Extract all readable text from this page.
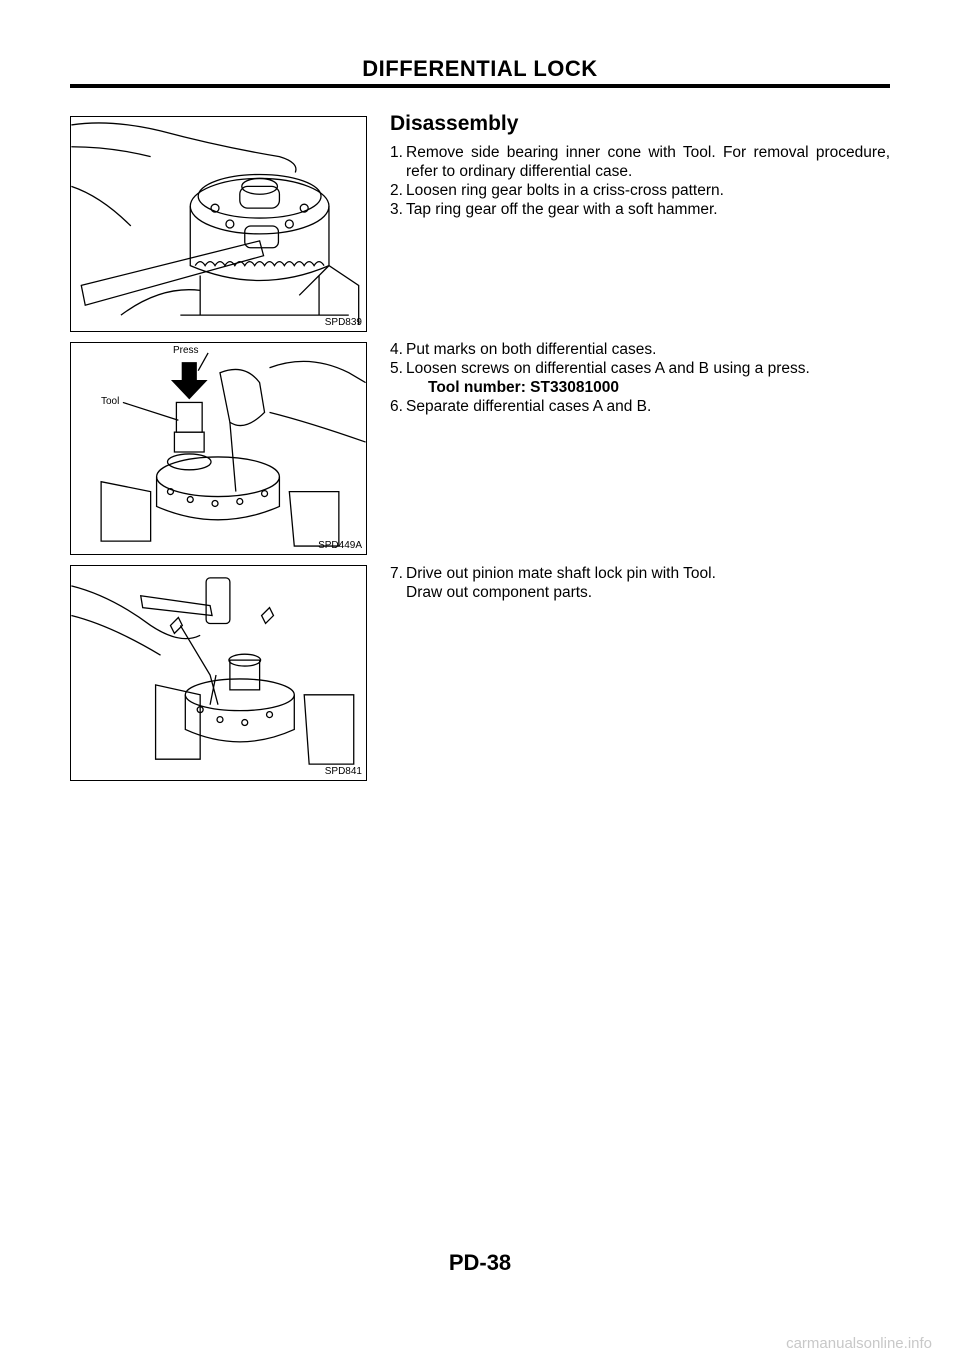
DIFFERENTIAL LOCK
SPD839
Press
Tool
SPD449A
SPD841
Disassembly
1. Remove side bearing inner cone with Tool. For removal procedure, refer to ordinary differential case.
2. Loosen ring gear bolts in a criss-cross pattern.
3. Tap ring gear off the gear with a soft hammer.
4. Put marks on both differential cases.
5. Loosen screws on differential cases A and B using a press.
Tool number: ST33081000
6. Separate differential cases A and B.
7. Drive out pinion mate shaft lock pin with Tool.
Draw out component parts.
PD-38
carmanualsonline.info
